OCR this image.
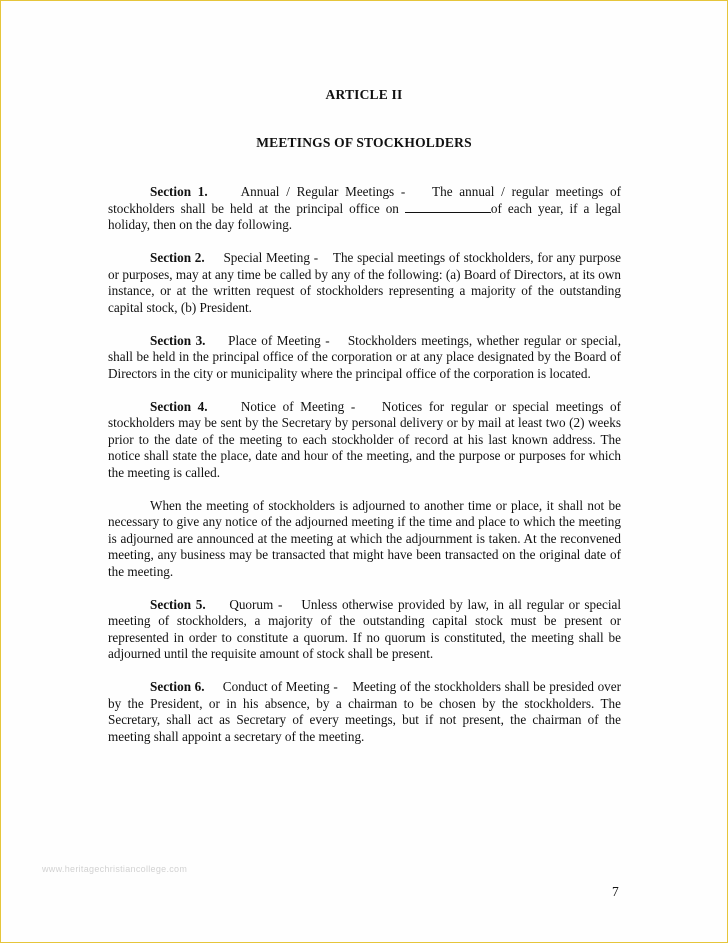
ARTICLE II
MEETINGS OF STOCKHOLDERS

Section 1. Annual / Regular Meetings - The annual / regular meetings of stockholders shall be held at the principal office on	of each year, if a legal holiday, then on the day following.

Section 2. Special Meeting - The special meetings of stockholders, for any purpose or purposes, may at any time be called by any of the following: (a) Board of Directors, at its own instance, or at the written request of stockholders representing a majority of the outstanding capital stock, (b) President.

Section 3. Place of Meeting - Stockholders meetings, whether regular or special, shall be held in the principal office of the corporation or at any place designated by the Board of Directors in the city or municipality where the principal office of the corporation is located.

Section 4.	Notice of Meeting - Notices for regular or special meetings of stockholders may be sent by the Secretary by personal delivery or by mail at least two (2) weeks prior to the date of the meeting to each stockholder of record at his last known address. The notice shall state the place, date and hour of the meeting, and the purpose or purposes for which the meeting is called.

When the meeting of stockholders is adjourned to another time or place, it shall not be necessary to give any notice of the adjourned meeting if the time and place to which the meeting is adjourned are announced at the meeting at which the adjournment is taken. At the reconvened meeting, any business may be transacted that might have been transacted on the original date of the meeting.

Section 5. Quorum - Unless otherwise provided by law, in all regular or special meeting of stockholders, a majority of the outstanding capital stock must be present or represented in order to constitute a quorum. If no quorum is constituted, the meeting shall be adjourned until the requisite amount of stock shall be present.

Section 6. Conduct of Meeting - Meeting of the stockholders shall be presided over by the President, or in his absence, by a chairman to be chosen by the stockholders. The Secretary, shall act as Secretary of every meetings, but if not present, the chairman of the meeting shall appoint a secretary of the meeting.

www.heritagechristiancollege.com
7
